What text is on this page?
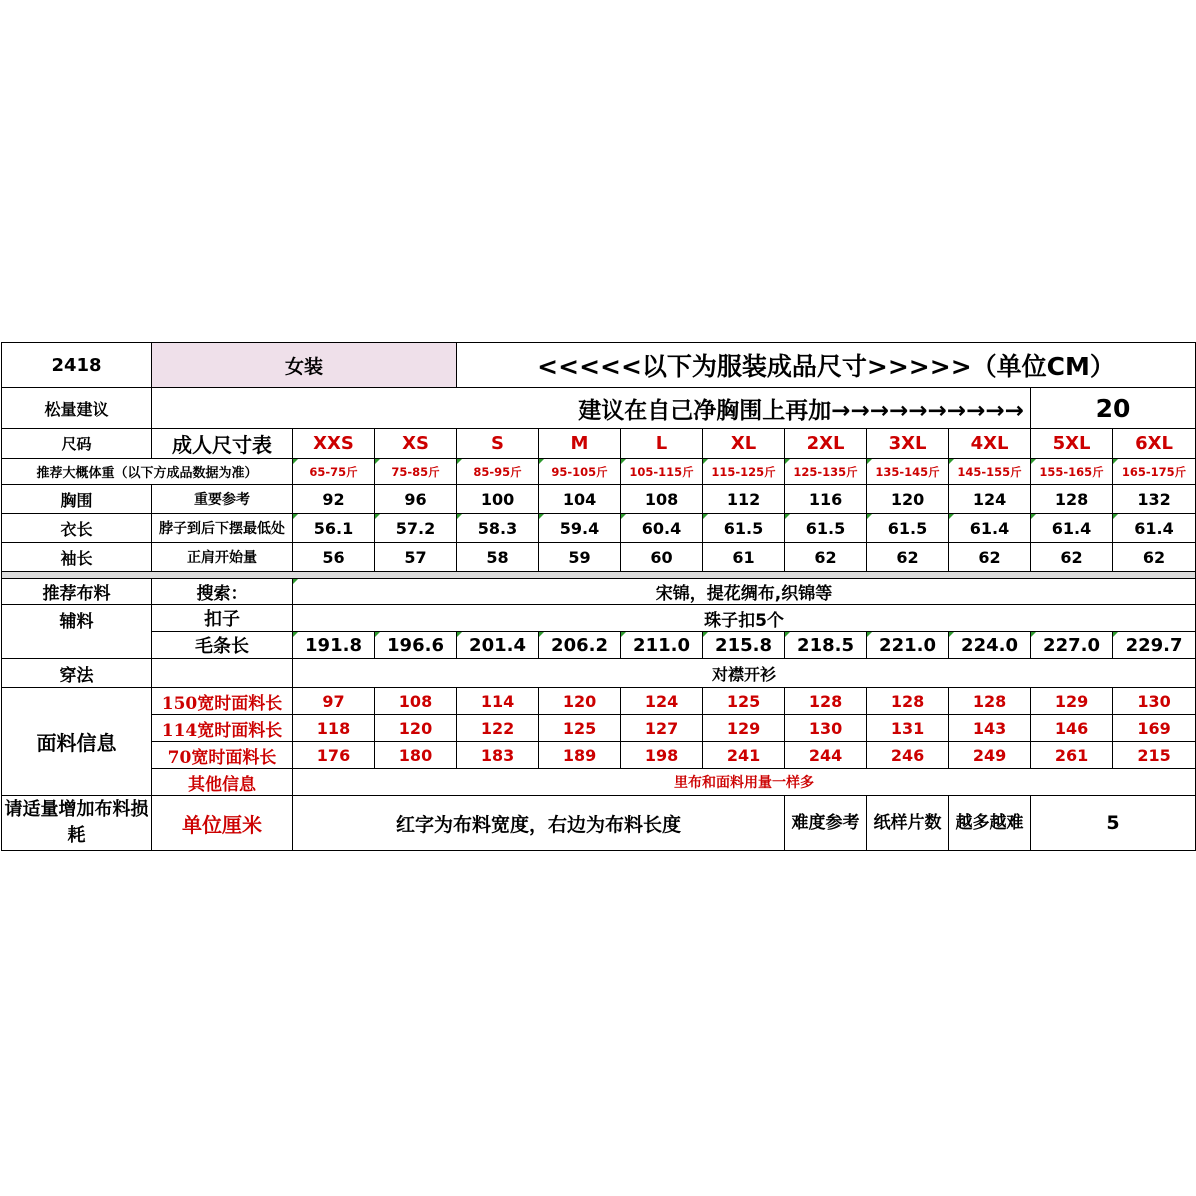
2418	女装			<<<<<以下为服装成品尺寸>>>>>（单位CM）								
松量建议	建议在自己净胸围上再加→→→→→→→→→→										20	
尺码	成人尺寸表	XXS	XS	S	M	L	XL	2XL	3XL	4XL	5XL	6XL
推荐大概体重（以下方成品数据为准）		65-75斤	75-85斤	85-95斤	95-105斤	105-115斤	115-125斤	125-135斤	135-145斤	145-155斤	155-165斤	165-175斤
胸围	重要参考	92	96	100	104	108	112	116	120	124	128	132
衣长	脖子到后下摆最低处	56.1	57.2	58.3	59.4	60.4	61.5	61.5	61.5	61.4	61.4	61.4
袖长	正肩开始量	56	57	58	59	60	61	62	62	62	62	62

推荐布料	搜索：	宋锦，提花绸布,织锦等										
辅料	扣子	珠子扣5个										
	毛条长	191.8	196.6	201.4	206.2	211.0	215.8	218.5	221.0	224.0	227.0	229.7
穿法		对襟开衫										
面料信息	150宽时面料长	97	108	114	120	124	125	128	128	128	129	130
	114宽时面料长	118	120	122	125	127	129	130	131	143	146	169
	70宽时面料长	176	180	183	189	198	241	244	246	249	261	215
	其他信息	里布和面料用量一样多										
请适量增加布料损耗	单位厘米	红字为布料宽度，右边为布料长度						难度参考	纸样片数	越多越难	5	
